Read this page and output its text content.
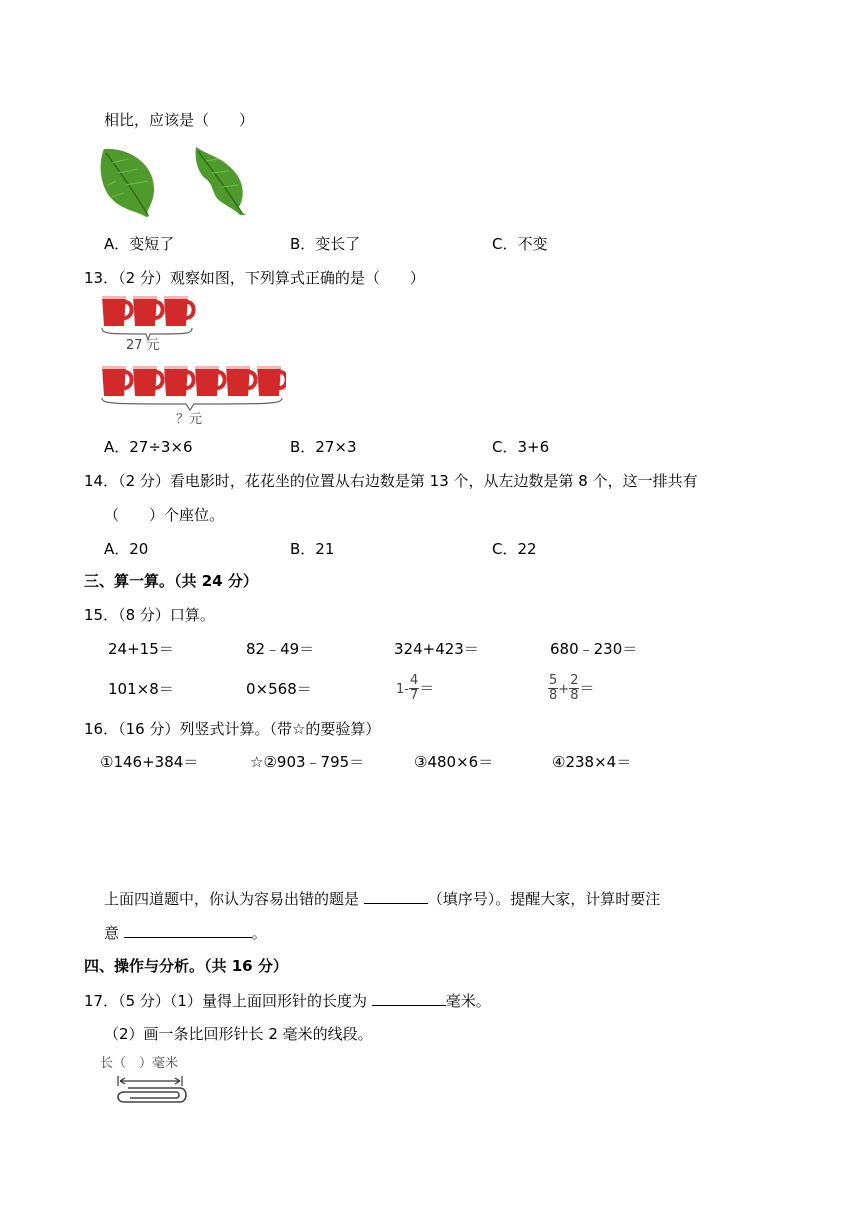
相比，应该是（　　）
A．变短了	B．变长了	C．不变
13．（2 分）观察如图，下列算式正确的是（　　）
27 元
？元
A．27÷3×6	B．27×3	C．3+6
14．（2 分）看电影时，花花坐的位置从右边数是第 13 个，从左边数是第 8 个，这一排共有
（　　）个座位。
A．20	B．21	C．22
三、算一算。（共 24 分）
15．（8 分）口算。
24+15＝	82﹣49＝	324+423＝	680﹣230＝
101×8＝	0×568＝	$1- \frac{4}{7}$ ＝	$\frac{5}{8} + \frac{2}{8}$ ＝
16．（16 分）列竖式计算。（带☆的要验算）
①146+384＝	☆②903﹣795＝	③480×6＝	④238×4＝
上面四道题中，你认为容易出错的题是	（填序号）。提醒大家，计算时要注
意	。
四、操作与分析。（共 16 分）
17．（5 分）（1）量得上面回形针的长度为	毫米。
（2）画一条比回形针长 2 毫米的线段。
长（　）毫米
